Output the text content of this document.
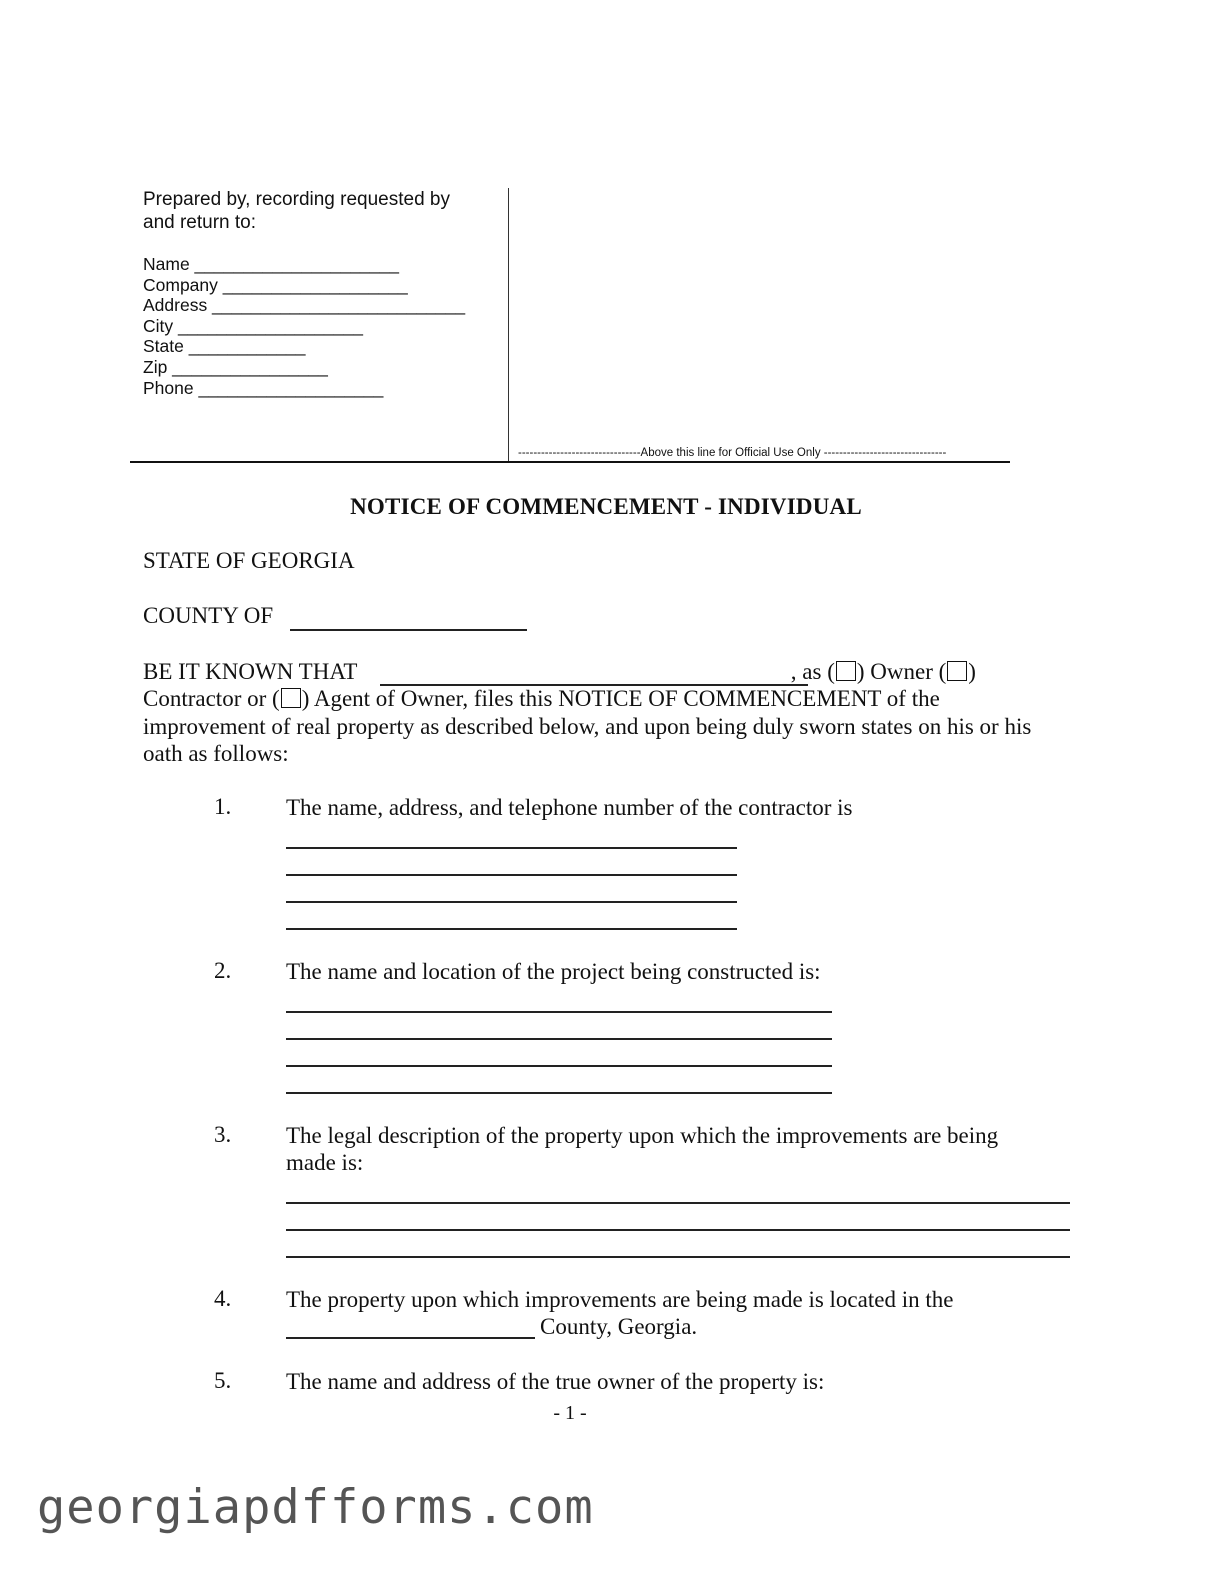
Prepared by, recording requested by
and return to:
Name _____________________
Company ___________________
Address __________________________
City ___________________
State ____________
Zip ________________
Phone ___________________
--------------------------------Above this line for Official Use Only --------------------------------
NOTICE OF COMMENCEMENT - INDIVIDUAL
STATE OF GEORGIA
COUNTY OF
BE IT KNOWN THAT	, as ( ) Owner ( )
Contractor or ( ) Agent of Owner, files this NOTICE OF COMMENCEMENT of the
improvement of real property as described below, and upon being duly sworn states on his or his
oath as follows:
1. The name, address, and telephone number of the contractor is
2. The name and location of the project being constructed is:
3. The legal description of the property upon which the improvements are being
made is:
4. The property upon which improvements are being made is located in the
County, Georgia.
5. The name and address of the true owner of the property is:
- 1 -
georgiapdfforms.com
